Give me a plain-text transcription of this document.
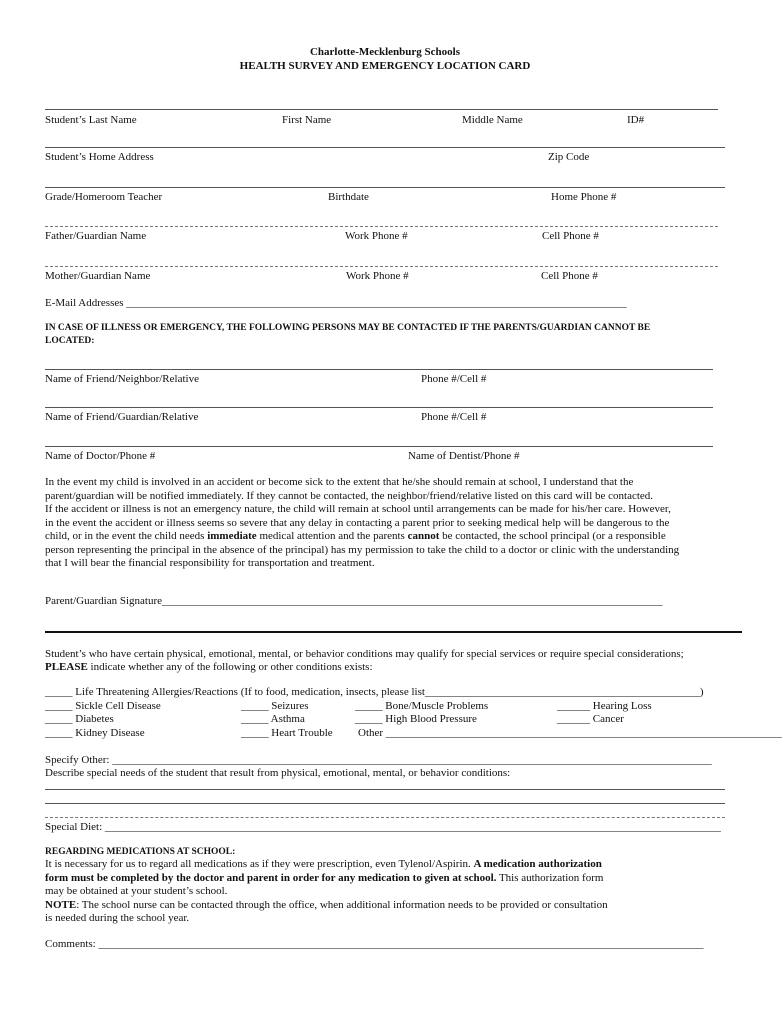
Charlotte-Mecklenburg Schools
HEALTH SURVEY AND EMERGENCY LOCATION CARD
Student’s Last Name	First Name	Middle Name	ID#
Student’s Home Address	Zip Code
Grade/Homeroom Teacher	Birthdate	Home Phone #
Father/Guardian Name	Work Phone #	Cell Phone #
Mother/Guardian Name	Work Phone #	Cell Phone #
E-Mail Addresses ___________________________________________________________________________________________
IN CASE OF ILLNESS OR EMERGENCY, THE FOLLOWING PERSONS MAY BE CONTACTED IF THE PARENTS/GUARDIAN CANNOT BE
LOCATED:
Name of Friend/Neighbor/Relative	Phone #/Cell #
Name of Friend/Guardian/Relative	Phone #/Cell #
Name of Doctor/Phone #	Name of Dentist/Phone #

In the event my child is involved in an accident or become sick to the extent that he/she should remain at school, I understand that the

parent/guardian will be notified immediately. If they cannot be contacted, the neighbor/friend/relative listed on this card will be contacted.

If the accident or illness is not an emergency nature, the child will remain at school until arrangements can be made for his/her care. However,

in the event the accident or illness seems so severe that any delay in contacting a parent prior to seeking medical help will be dangerous to the

child, or in the event the child needs immediate medical attention and the parents cannot be contacted, the school principal (or a responsible

person representing the principal in the absence of the principal) has my permission to take the child to a doctor or clinic with the understanding

that I will bear the financial responsibility for transportation and treatment.

Parent/Guardian Signature___________________________________________________________________________________________
Student’s who have certain physical, emotional, mental, or behavior conditions may qualify for special services or require special considerations;
PLEASE indicate whether any of the following or other conditions exists:
_____ Life Threatening Allergies/Reactions (If to food, medication, insects, please list__________________________________________________)
_____ Sickle Cell Disease	_____ Seizures	_____ Bone/Muscle Problems	______ Hearing Loss
_____ Diabetes	_____ Asthma	_____ High Blood Pressure	______ Cancer
_____ Kidney Disease	_____ Heart Trouble Other ________________________________________________________________________
Specify Other: _____________________________________________________________________________________________________________
Describe special needs of the student that result from physical, emotional, mental, or behavior conditions:
Special Diet: ________________________________________________________________________________________________________________
REGARDING MEDICATIONS AT SCHOOL:
It is necessary for us to regard all medications as if they were prescription, even Tylenol/Aspirin. A medication authorization
form must be completed by the doctor and parent in order for any medication to given at school. This authorization form
may be obtained at your student’s school.
NOTE: The school nurse can be contacted through the office, when additional information needs to be provided or consultation
is needed during the school year.
Comments: ______________________________________________________________________________________________________________
